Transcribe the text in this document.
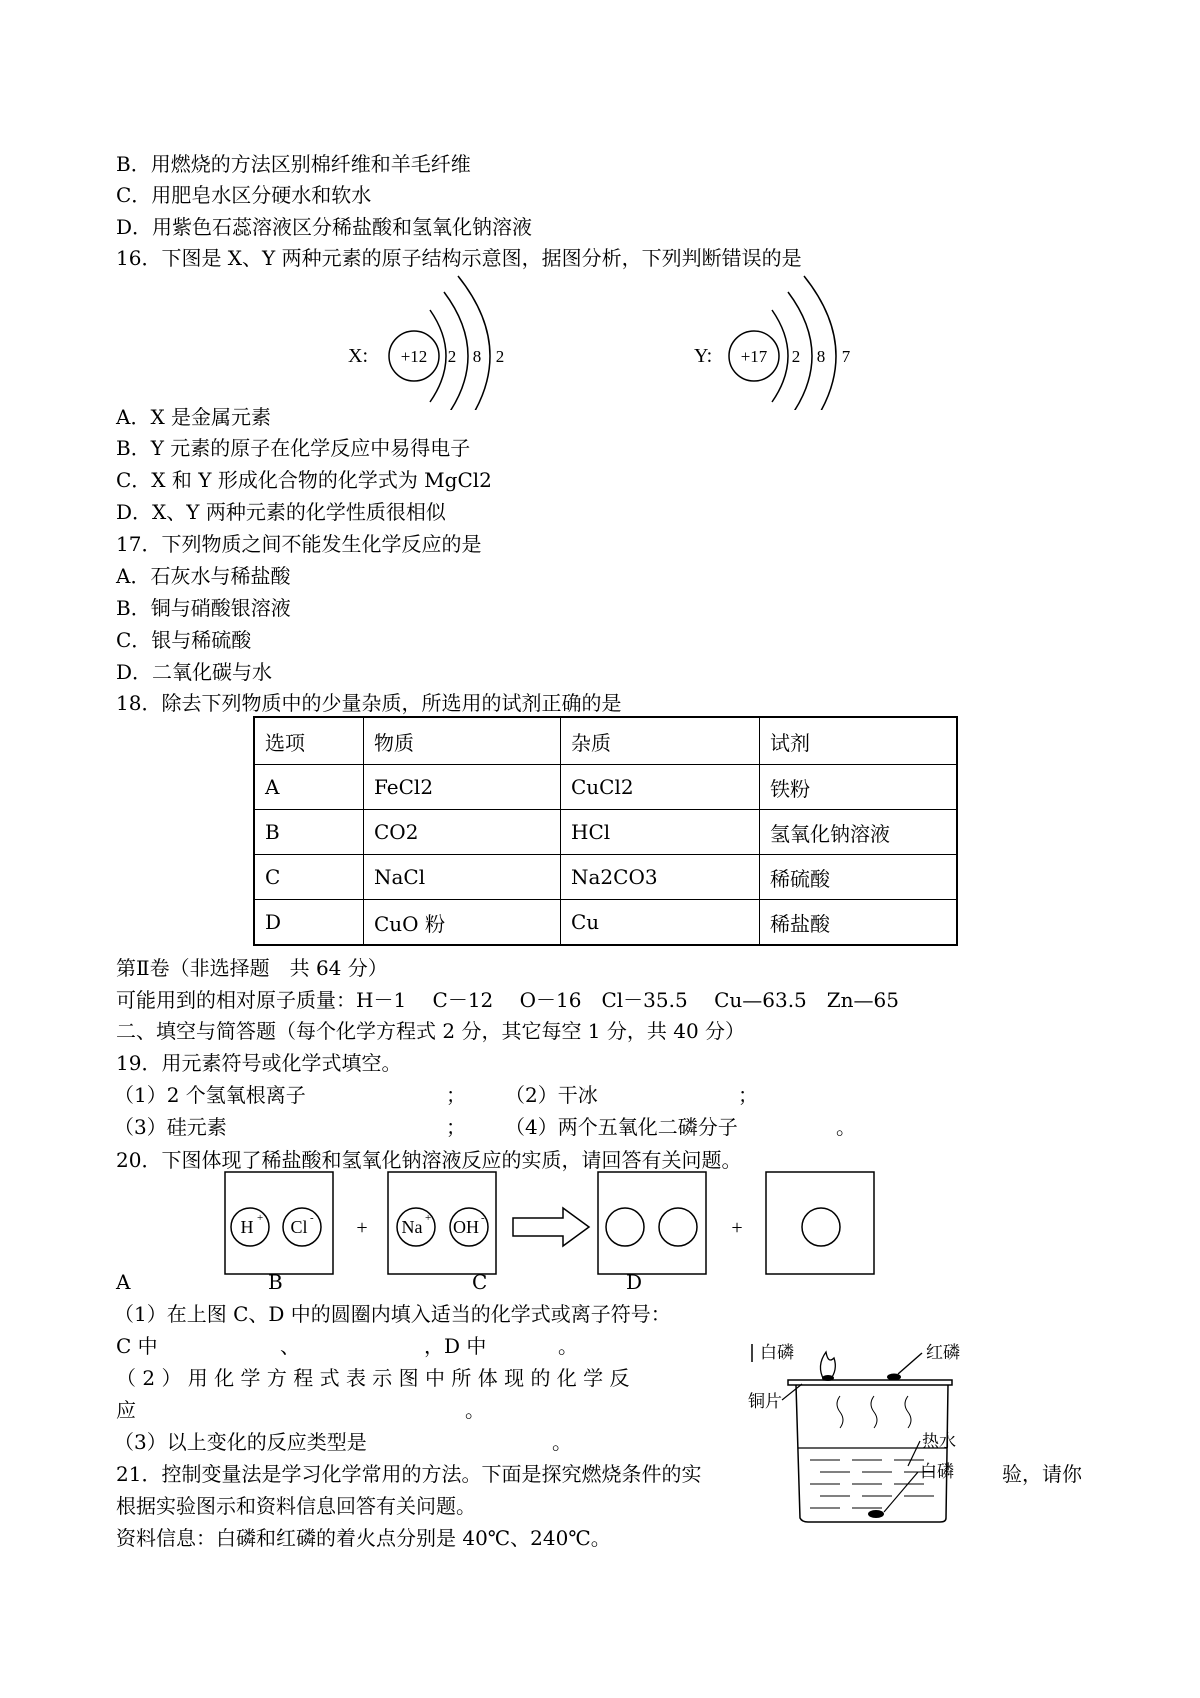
B．用燃烧的方法区别棉纤维和羊毛纤维
C．用肥皂水区分硬水和软水
D．用紫色石蕊溶液区分稀盐酸和氢氧化钠溶液
16．下图是 X、Y 两种元素的原子结构示意图，据图分析，下列判断错误的是
X: +12 2 8 2	Y: +17 2 8 7
A．X 是金属元素
B．Y 元素的原子在化学反应中易得电子
C．X 和 Y 形成化合物的化学式为 MgCl2
D．X、Y 两种元素的化学性质很相似
17．下列物质之间不能发生化学反应的是
A．石灰水与稀盐酸
B．铜与硝酸银溶液
C．银与稀硫酸
D．二氧化碳与水
18．除去下列物质中的少量杂质，所选用的试剂正确的是
选项	物质	杂质	试剂
A	FeCl2	CuCl2	铁粉
B	CO2	HCl	氢氧化钠溶液
C	NaCl	Na2CO3	稀硫酸
D	CuO 粉	Cu	稀盐酸
第Ⅱ卷（非选择题　共 64 分）
可能用到的相对原子质量：H－1　 C－12　 O－16　Cl－35.5　 Cu—63.5　Zn—65
二、填空与简答题（每个化学方程式 2 分，其它每空 1 分，共 40 分）
19．用元素符号或化学式填空。
（1）2 个氢氧根离子	； （2）干冰	；
（3）硅元素	； （4）两个五氧化二磷分子	。
20．下图体现了稀盐酸和氢氧化钠溶液反应的实质，请回答有关问题。
H + Cl - + Na + OH -	+
A	B	C	D
（1）在上图 C、D 中的圆圈内填入适当的化学式或离子符号：
C 中	、	，D 中	。
（ 2 ） 用 化 学 方 程 式 表 示 图 中 所 体 现 的 化 学 反
应	。
（3）以上变化的反应类型是	。
21．控制变量法是学习化学常用的方法。下面是探究燃烧条件的实	验，请你
根据实验图示和资料信息回答有关问题。
资料信息：白磷和红磷的着火点分别是 40℃、240℃。
白磷	红磷
铜片
热水
白磷
